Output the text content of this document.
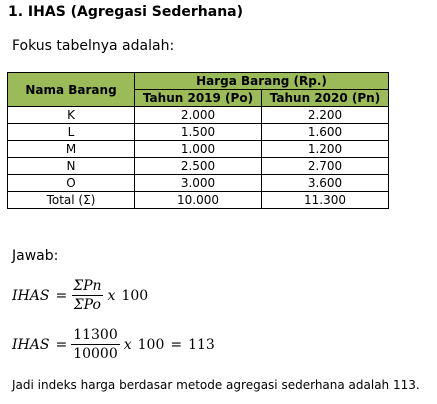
1. IHAS (Agregasi Sederhana)
Fokus tabelnya adalah:
Nama Barang	Harga Barang (Rp.)	
	Tahun 2019 (Po)	Tahun 2020 (Pn)
K	2.000	2.200
L	1.500	1.600
M	1.000	1.200
N	2.500	2.700
O	3.000	3.600
Total (Σ)	10.000	11.300
Jawab:
IHAS = $\frac{\text{ΣPn}}{\text{ΣPo}}$ x 100
IHAS = $\frac{11300}{10000}$ x 100 = 113
Jadi indeks harga berdasar metode agregasi sederhana adalah 113.
